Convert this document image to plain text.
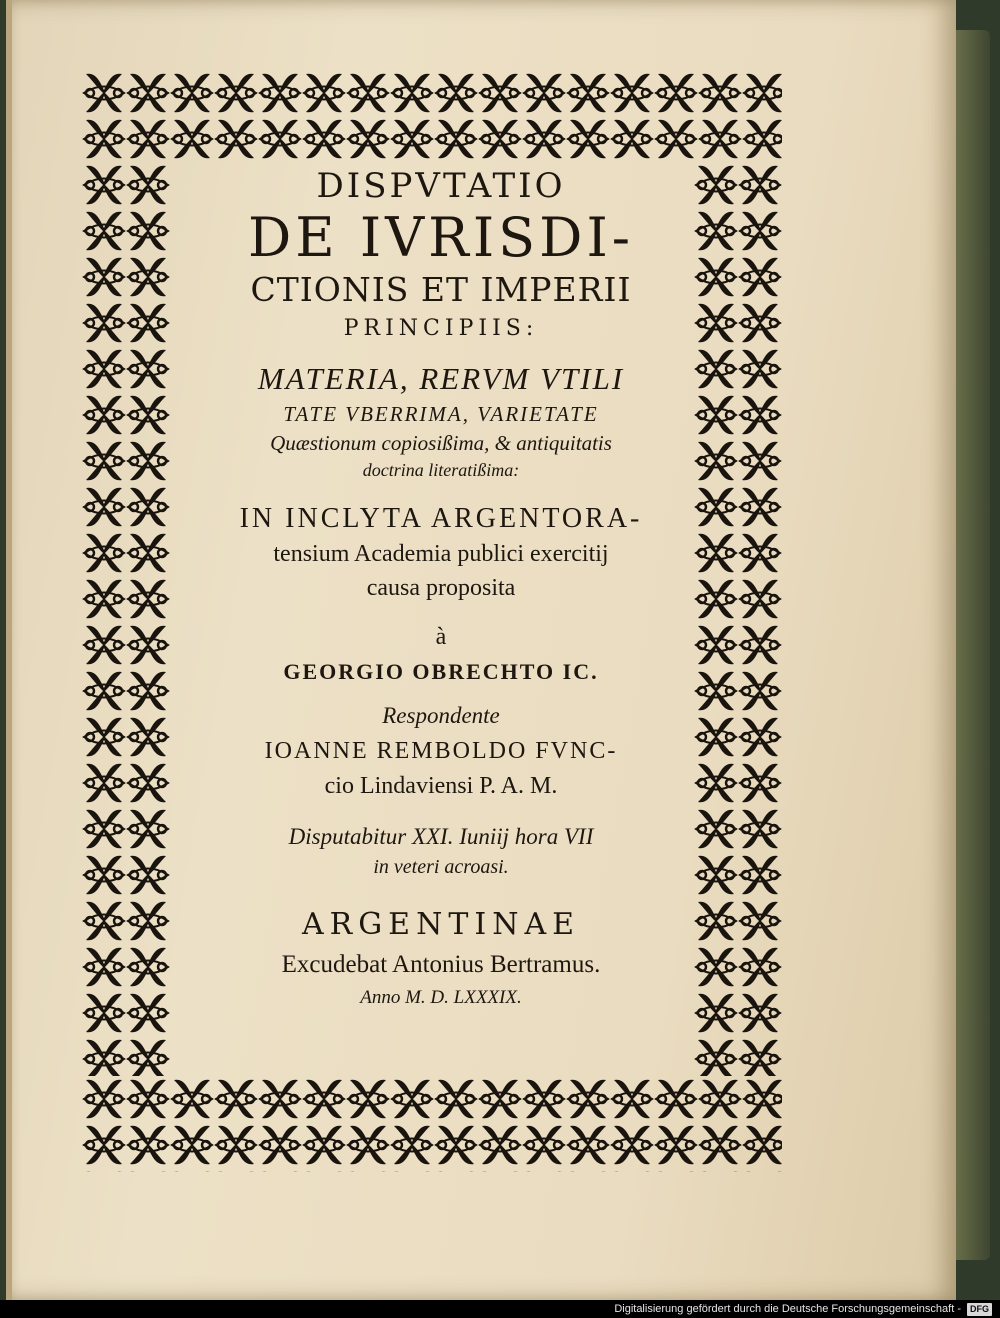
DISPVTATIO
DE IVRISDI-
CTIONIS ET IMPERII
PRINCIPIIS:
MATERIA, RERVM VTILI
TATE VBERRIMA, VARIETATE
Quæstionum copiosißima, & antiquitatis
doctrina literatißima:
IN INCLYTA ARGENTORA-
tensium Academia publici exercitij
causa proposita
à
GEORGIO OBRECHTO IC.
Respondente
IOANNE REMBOLDO FVNC-
cio Lindaviensi P. A. M.
Disputabitur XXI. Iuniij hora VII
in veteri acroasi.
ARGENTINAE
Excudebat Antonius Bertramus.
Anno M. D. LXXXIX.
Digitalisierung gefördert durch die Deutsche Forschungsgemeinschaft -	DFG
